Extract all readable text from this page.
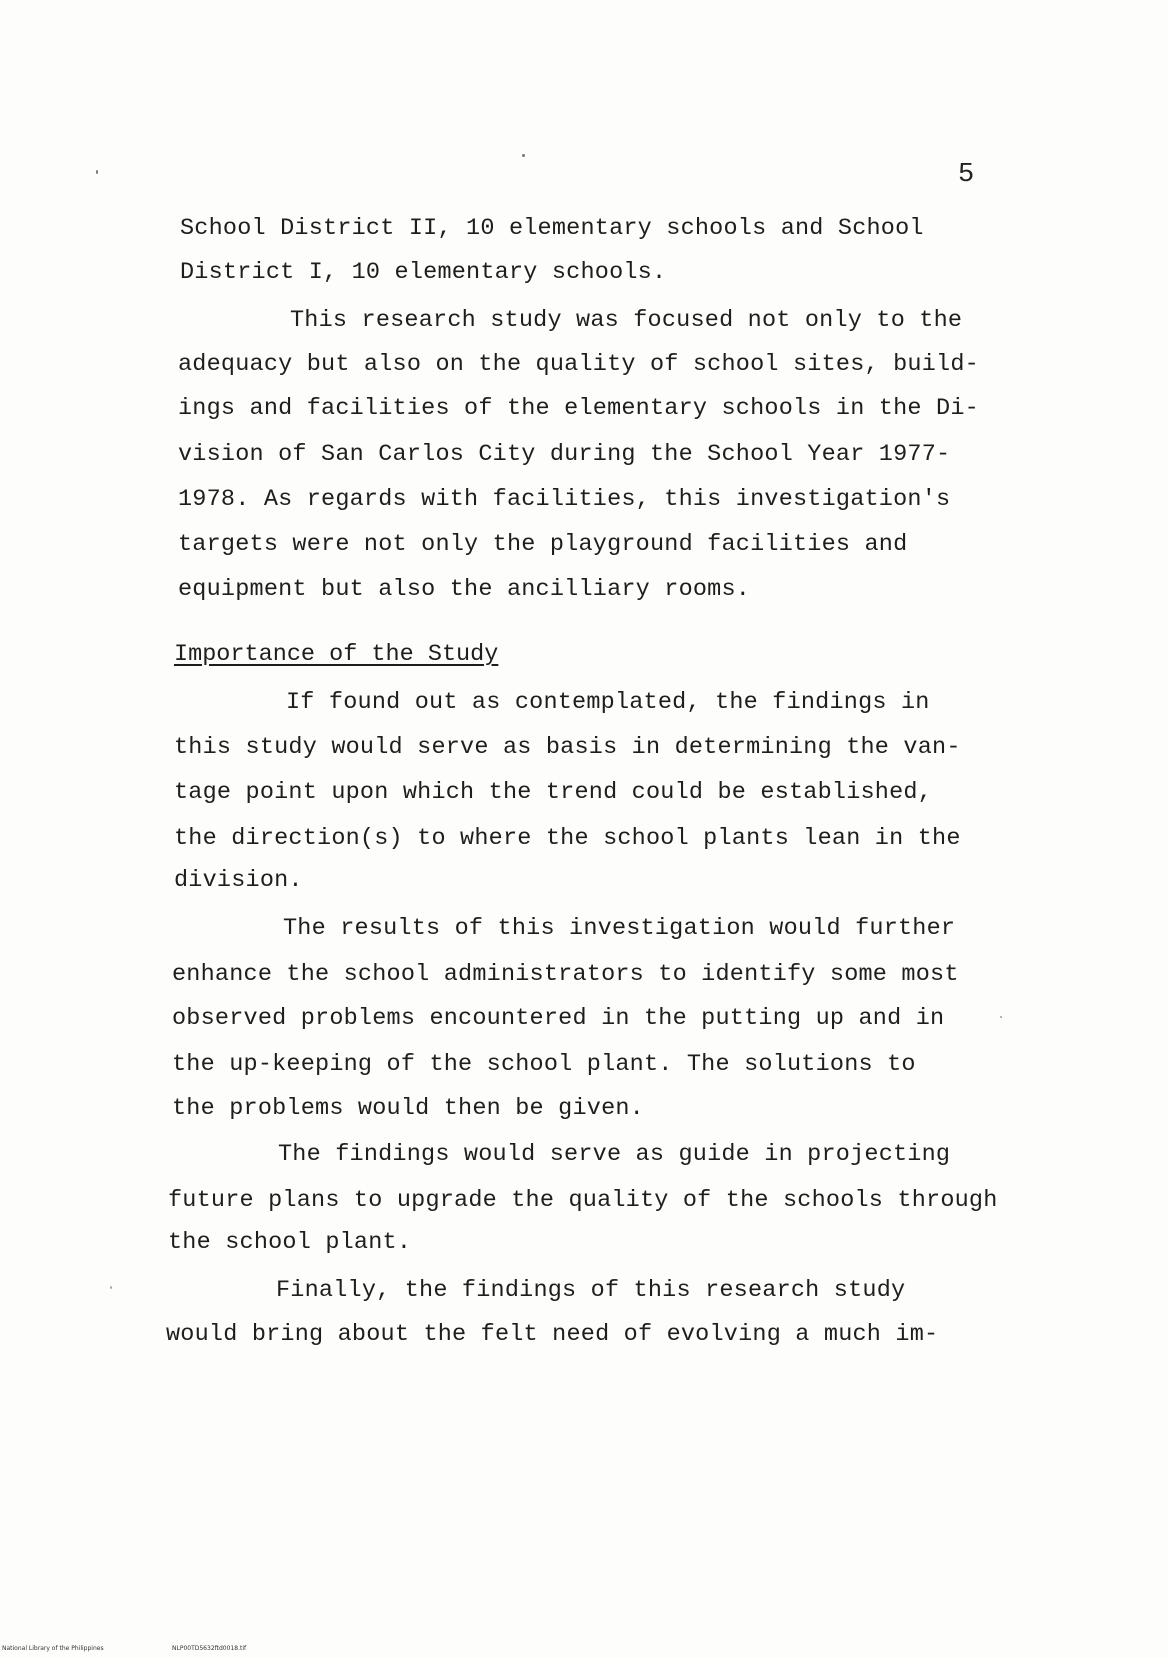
5
School District II, 10 elementary schools and School
District I, 10 elementary schools.
This research study was focused not only to the
adequacy but also on the quality of school sites, build-
ings and facilities of the elementary schools in the Di-
vision of San Carlos City during the School Year 1977-
1978. As regards with facilities, this investigation's
targets were not only the playground facilities and
equipment but also the ancilliary rooms.
Importance of the Study
If found out as contemplated, the findings in
this study would serve as basis in determining the van-
tage point upon which the trend could be established,
the direction(s) to where the school plants lean in the
division.
The results of this investigation would further
enhance the school administrators to identify some most
observed problems encountered in the putting up and in
the up-keeping of the school plant. The solutions to
the problems would then be given.
The findings would serve as guide in projecting
future plans to upgrade the quality of the schools through
the school plant.
Finally, the findings of this research study
would bring about the felt need of evolving a much im-
National Library of the Philippines	NLP00TD5632ftd0018.tif
